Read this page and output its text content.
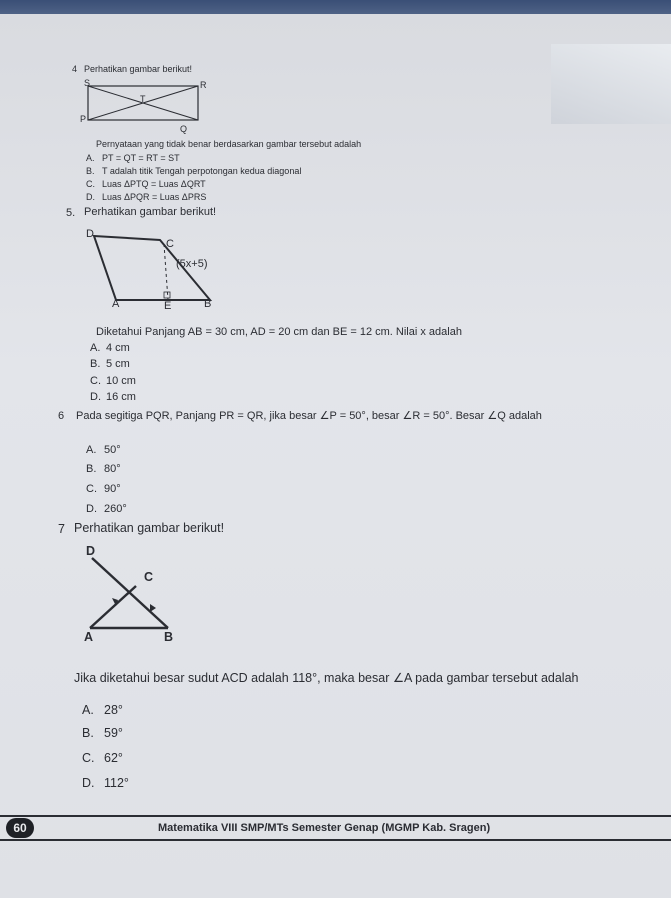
4 Perhatikan gambar berikut!
S	R
T
P
Q
Pernyataan yang tidak benar berdasarkan gambar tersebut adalah
A. PT = QT = RT = ST
B. T adalah titik Tengah perpotongan kedua diagonal
C. Luas ΔPTQ = Luas ΔQRT
D. Luas ΔPQR = Luas ΔPRS
5. Perhatikan gambar berikut!
D
C
(5x+5)
A	E	B
Diketahui Panjang AB = 30 cm, AD = 20 cm dan BE = 12 cm. Nilai x adalah
A. 4 cm
B. 5 cm
C. 10 cm
D. 16 cm
6 Pada segitiga PQR, Panjang PR = QR, jika besar ∠P = 50°, besar ∠R = 50°. Besar ∠Q adalah
A. 50°
B. 80°
C. 90°
D. 260°
7 Perhatikan gambar berikut!
D
C
A	B
Jika diketahui besar sudut ACD adalah 118°, maka besar ∠A pada gambar tersebut adalah
A. 28°
B. 59°
C. 62°
D. 112°
60	Matematika VIII SMP/MTs Semester Genap (MGMP Kab. Sragen)
